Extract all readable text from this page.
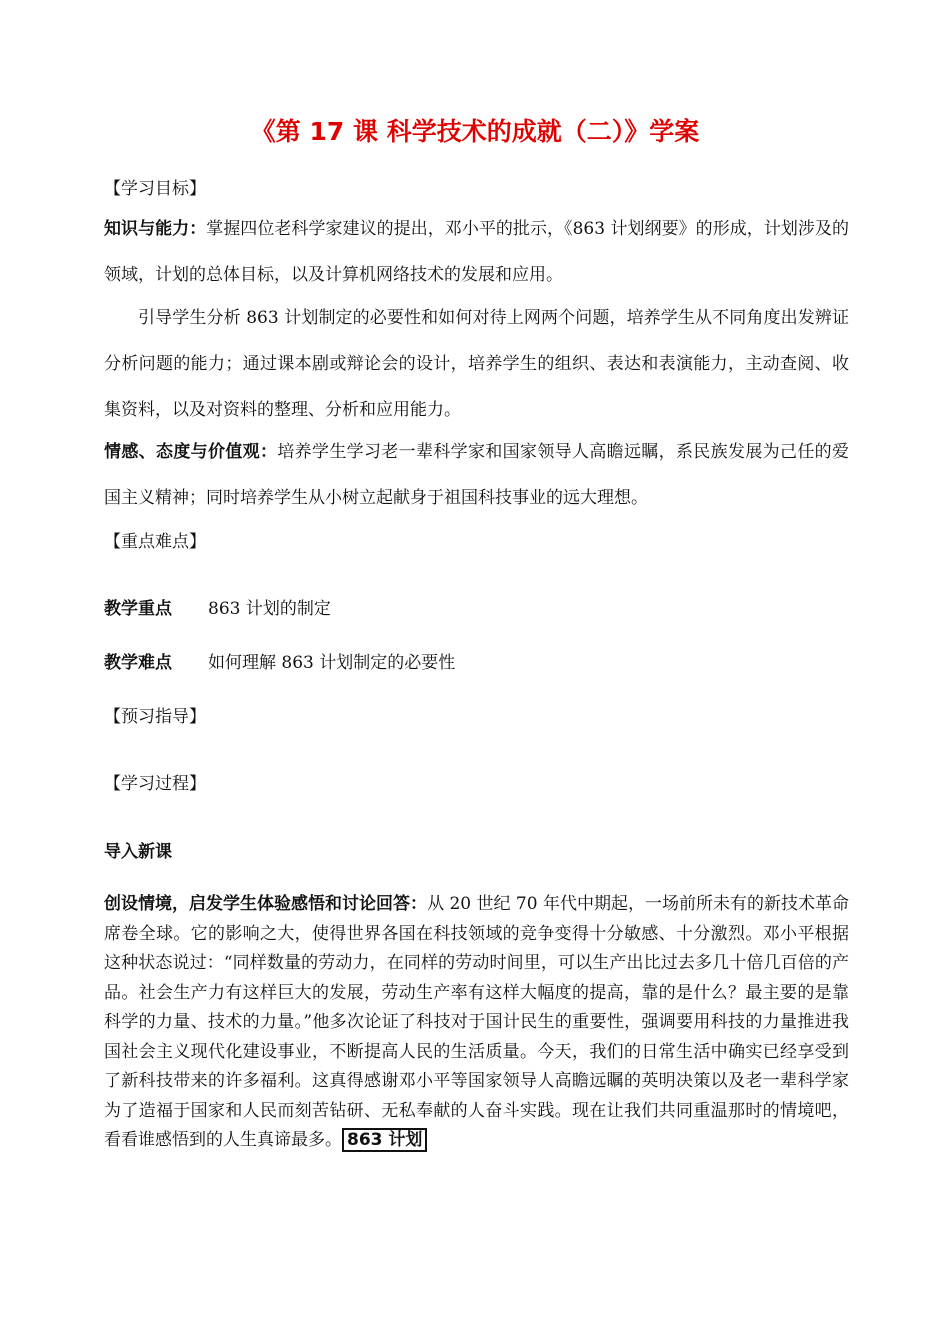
《第 17 课 科学技术的成就（二）》学案
【学习目标】
知识与能力：掌握四位老科学家建议的提出，邓小平的批示，《863 计划纲要》的形成，计划涉及的领域，计划的总体目标，以及计算机网络技术的发展和应用。
引导学生分析 863 计划制定的必要性和如何对待上网两个问题，培养学生从不同角度出发辨证分析问题的能力；通过课本剧或辩论会的设计，培养学生的组织、表达和表演能力，主动查阅、收集资料，以及对资料的整理、分析和应用能力。
情感、态度与价值观：培养学生学习老一辈科学家和国家领导人高瞻远瞩，系民族发展为己任的爱国主义精神；同时培养学生从小树立起献身于祖国科技事业的远大理想。
【重点难点】
教学重点 863 计划的制定
教学难点 如何理解 863 计划制定的必要性
【预习指导】
【学习过程】
导入新课
创设情境，启发学生体验感悟和讨论回答：从 20 世纪 70 年代中期起，一场前所未有的新技术革命席卷全球。它的影响之大，使得世界各国在科技领域的竞争变得十分敏感、十分激烈。邓小平根据这种状态说过：“同样数量的劳动力，在同样的劳动时间里，可以生产出比过去多几十倍几百倍的产品。社会生产力有这样巨大的发展，劳动生产率有这样大幅度的提高，靠的是什么？最主要的是靠科学的力量、技术的力量。”他多次论证了科技对于国计民生的重要性，强调要用科技的力量推进我国社会主义现代化建设事业，不断提高人民的生活质量。今天，我们的日常生活中确实已经享受到了新科技带来的许多福利。这真得感谢邓小平等国家领导人高瞻远瞩的英明决策以及老一辈科学家为了造福于国家和人民而刻苦钻研、无私奉献的人奋斗实践。现在让我们共同重温那时的情境吧，看看谁感悟到的人生真谛最多。 863 计划
